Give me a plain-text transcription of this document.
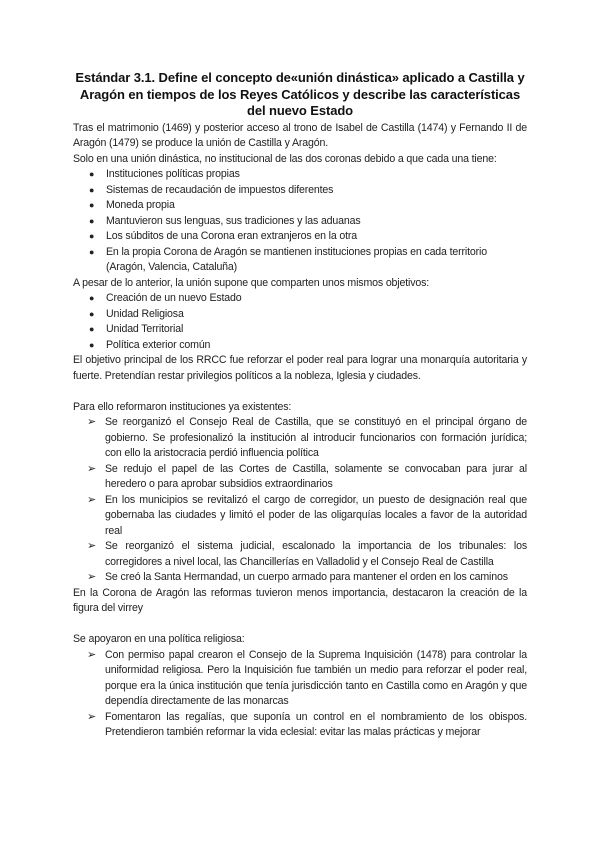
Estándar 3.1. Define el concepto de«unión dinástica» aplicado a Castilla y Aragón en tiempos de los Reyes Católicos y describe las características del nuevo Estado

Tras el matrimonio (1469) y posterior acceso al trono de Isabel de Castilla (1474) y Fernando II de Aragón (1479) se produce la unión de Castilla y Aragón.

Solo en una unión dinástica, no institucional de las dos coronas debido a que cada una tiene:

● Instituciones políticas propias
● Sistemas de recaudación de impuestos diferentes
● Moneda propia
● Mantuvieron sus lenguas, sus tradiciones y las aduanas
● Los súbditos de una Corona eran extranjeros en la otra
● En la propia Corona de Aragón se mantienen instituciones propias en cada territorio (Aragón, Valencia, Cataluña)

A pesar de lo anterior, la unión supone que comparten unos mismos objetivos:

● Creación de un nuevo Estado
● Unidad Religiosa
● Unidad Territorial
● Política exterior común

El objetivo principal de los RRCC fue reforzar el poder real para lograr una monarquía autoritaria y fuerte. Pretendían restar privilegios políticos a la nobleza, Iglesia y ciudades.

Para ello reformaron instituciones ya existentes:

➢ Se reorganizó el Consejo Real de Castilla, que se constituyó en el principal órgano de gobierno. Se profesionalizó la institución al introducir funcionarios con formación jurídica; con ello la aristocracia perdió influencia política
➢ Se redujo el papel de las Cortes de Castilla, solamente se convocaban para jurar al heredero o para aprobar subsidios extraordinarios
➢ En los municipios se revitalizó el cargo de corregidor, un puesto de designación real que gobernaba las ciudades y limitó el poder de las oligarquías locales a favor de la autoridad real
➢ Se reorganizó el sistema judicial, escalonado la importancia de los tribunales: los corregidores a nivel local, las Chancillerías en Valladolid y el Consejo Real de Castilla
➢ Se creó la Santa Hermandad, un cuerpo armado para mantener el orden en los caminos

En la Corona de Aragón las reformas tuvieron menos importancia, destacaron la creación de la figura del virrey

Se apoyaron en una política religiosa:

➢ Con permiso papal crearon el Consejo de la Suprema Inquisición (1478) para controlar la uniformidad religiosa. Pero la Inquisición fue también un medio para reforzar el poder real, porque era la única institución que tenía jurisdicción tanto en Castilla como en Aragón y que dependía directamente de las monarcas
➢ Fomentaron las regalías, que suponía un control en el nombramiento de los obispos. Pretendieron también reformar la vida eclesial: evitar las malas prácticas y mejorar
